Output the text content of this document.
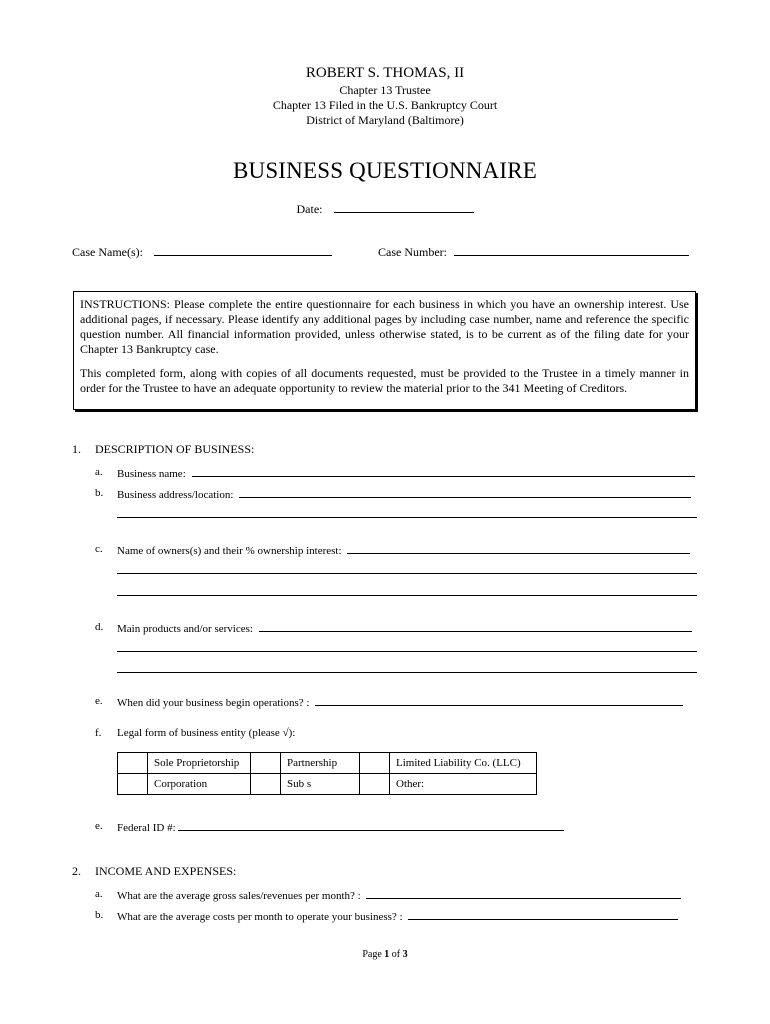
ROBERT S. THOMAS, II
Chapter 13 Trustee
Chapter 13 Filed in the U.S. Bankruptcy Court
District of Maryland (Baltimore)
BUSINESS QUESTIONNAIRE
Date:
Case Name(s):	Case Number:

INSTRUCTIONS: Please complete the entire questionnaire for each business in which you have an ownership interest. Use additional pages, if necessary. Please identify any additional pages by including case number, name and reference the specific question number. All financial information provided, unless otherwise stated, is to be current as of the filing date for your Chapter 13 Bankruptcy case.

This completed form, along with copies of all documents requested, must be provided to the Trustee in a timely manner in order for the Trustee to have an adequate opportunity to review the material prior to the 341 Meeting of Creditors.

1. DESCRIPTION OF BUSINESS:
a. Business name:
b. Business address/location:
c. Name of owners(s) and their % ownership interest:
d. Main products and/or services:
e. When did your business begin operations? :
f. Legal form of business entity (please √):
	Sole Proprietorship		Partnership		Limited Liability Co. (LLC)
	Corporation		Sub s		Other:
e. Federal ID #:
2. INCOME AND EXPENSES:
a. What are the average gross sales/revenues per month? :
b. What are the average costs per month to operate your business? :
Page 1 of 3
